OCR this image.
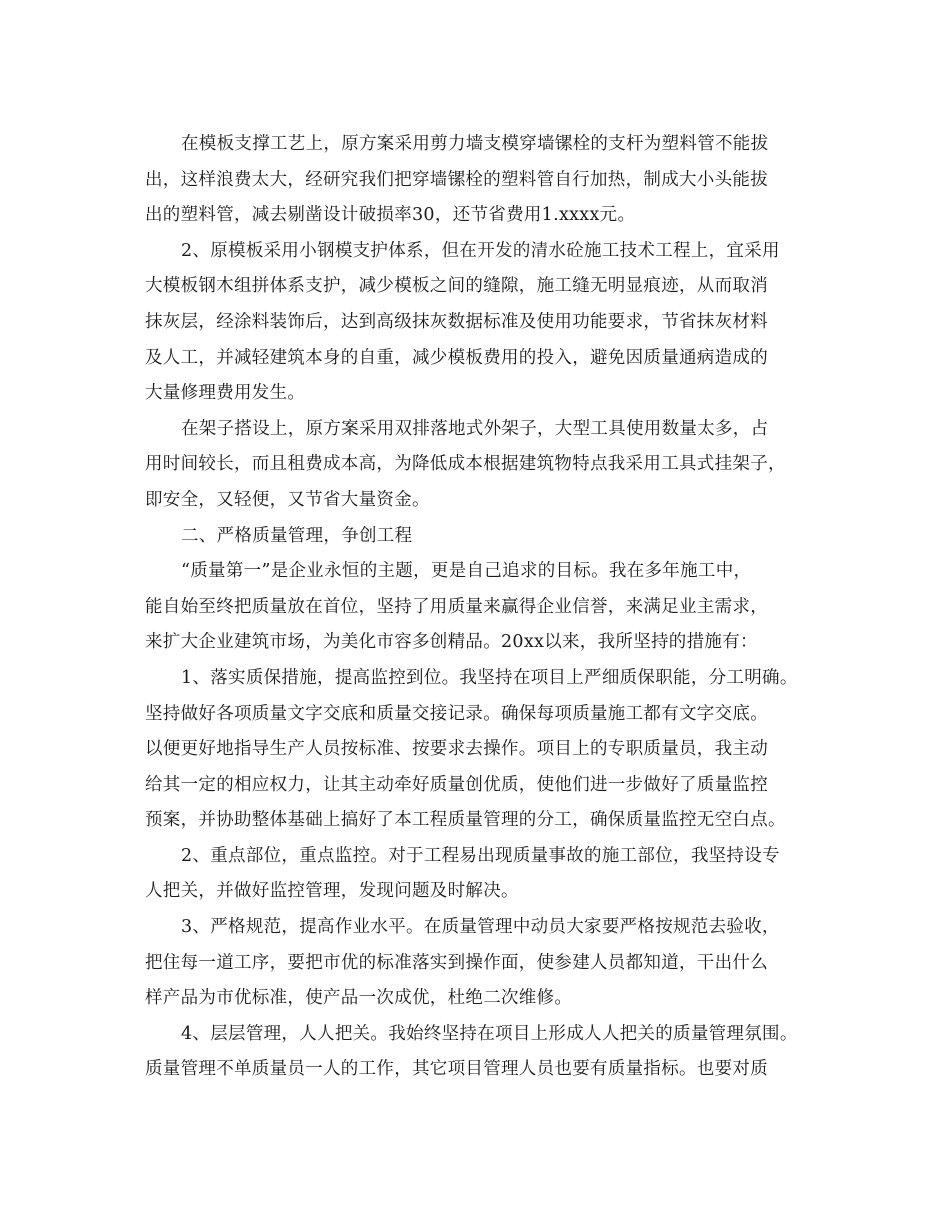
在模板支撑工艺上，原方案采用剪力墙支模穿墙镙栓的支杆为塑料管不能拔
出，这样浪费太大，经研究我们把穿墙镙栓的塑料管自行加热，制成大小头能拔
出的塑料管，减去剔凿设计破损率30，还节省费用1.xxxx元。
2、原模板采用小钢模支护体系，但在开发的清水砼施工技术工程上，宜采用
大模板钢木组拼体系支护，减少模板之间的缝隙，施工缝无明显痕迹，从而取消
抹灰层，经涂料装饰后，达到高级抹灰数据标准及使用功能要求，节省抹灰材料
及人工，并减轻建筑本身的自重，减少模板费用的投入，避免因质量通病造成的
大量修理费用发生。
在架子搭设上，原方案采用双排落地式外架子，大型工具使用数量太多，占
用时间较长，而且租费成本高，为降低成本根据建筑物特点我采用工具式挂架子，
即安全，又轻便，又节省大量资金。
二、严格质量管理，争创工程
“质量第一”是企业永恒的主题，更是自己追求的目标。我在多年施工中，
能自始至终把质量放在首位，坚持了用质量来赢得企业信誉，来满足业主需求，
来扩大企业建筑市场，为美化市容多创精品。20xx以来，我所坚持的措施有：
1、落实质保措施，提高监控到位。我坚持在项目上严细质保职能，分工明确。
坚持做好各项质量文字交底和质量交接记录。确保每项质量施工都有文字交底。
以便更好地指导生产人员按标准、按要求去操作。项目上的专职质量员，我主动
给其一定的相应权力，让其主动牵好质量创优质，使他们进一步做好了质量监控
预案，并协助整体基础上搞好了本工程质量管理的分工，确保质量监控无空白点。
2、重点部位，重点监控。对于工程易出现质量事故的施工部位，我坚持设专
人把关，并做好监控管理，发现问题及时解决。
3、严格规范，提高作业水平。在质量管理中动员大家要严格按规范去验收，
把住每一道工序，要把市优的标准落实到操作面，使参建人员都知道，干出什么
样产品为市优标准，使产品一次成优，杜绝二次维修。
4、层层管理，人人把关。我始终坚持在项目上形成人人把关的质量管理氛围。
质量管理不单质量员一人的工作，其它项目管理人员也要有质量指标。也要对质
